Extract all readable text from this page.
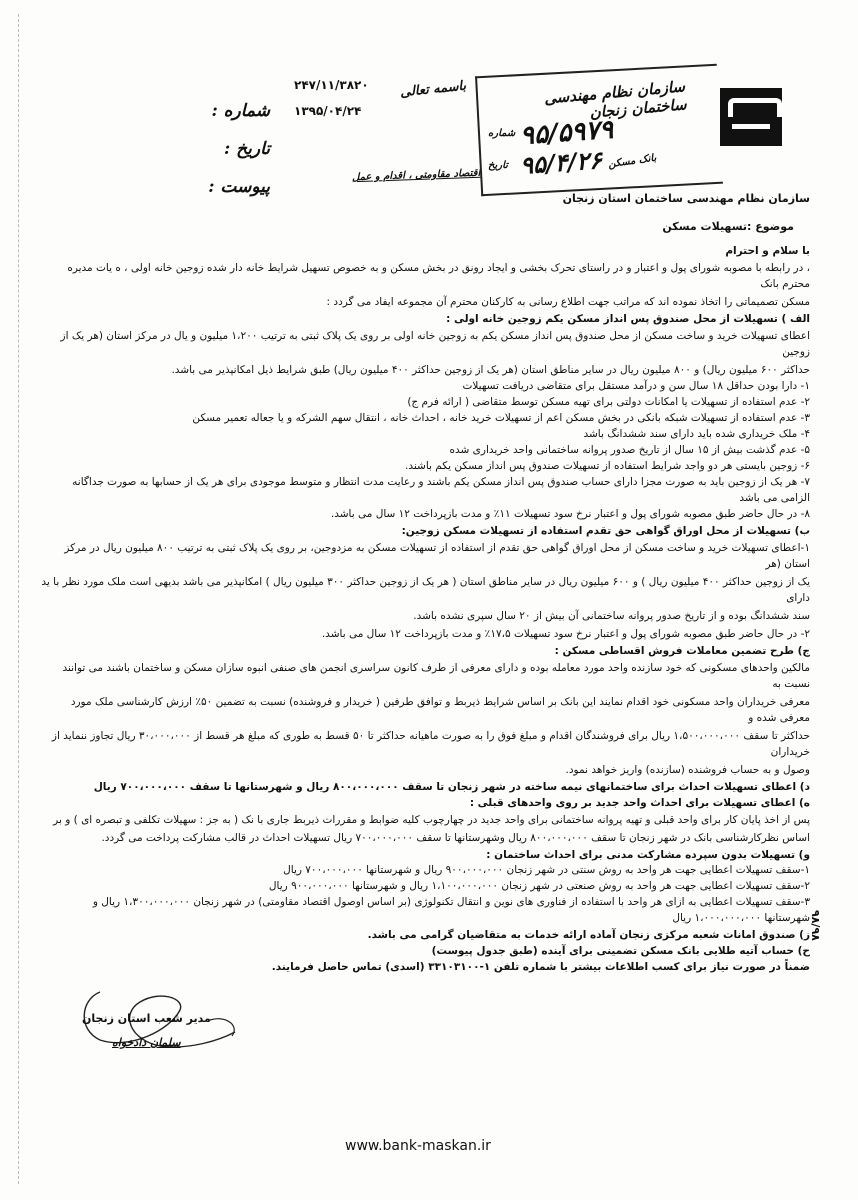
۲۴۷/۱۱/۳۸۲۰
۱۳۹۵/۰۴/۲۴
شماره :
تاریخ :
پیوست :
باسمه تعالی
اقتصاد مقاومتی ، اقدام و عمل
سازمان نظام مهندسی ساختمان زنجان
شماره ۹۵/۵۹۷۹
تاریخ ۹۵/۴/۲۶ بانک مسکن

سازمان نظام مهندسی ساختمان استان زنجان

موضوع :تسهیلات مسکن

با سلام و احترام

، در رابطه با مصوبه شورای پول و اعتبار و در راستای تحرک بخشی و ایجاد رونق در بخش مسکن و به خصوص تسهیل شرایط خانه دار شده زوجین خانه اولی ، ه یات مدیره محترم بانک

مسکن تصمیماتی را اتخاذ نموده اند که مراتب جهت اطلاع رسانی به کارکنان محترم آن مجموعه ایفاد می گردد :

الف ) تسهیلات از محل صندوق پس انداز مسکن یکم زوجین خانه اولی :

اعطای تسهیلات خرید و ساخت مسکن از محل صندوق پس انداز مسکن یکم به زوجین خانه اولی بر روی یک پلاک ثبتی به ترتیب ۱،۲۰۰ میلیون و یال در مرکز استان (هر یک از زوجین

حداکثر ۶۰۰ میلیون ریال) و ۸۰۰ میلیون ریال در سایر مناطق استان (هر یک از زوجین حداکثر ۴۰۰ میلیون ریال) طبق شرایط ذیل امکانپذیر می باشد.

۱- دارا بودن حداقل ۱۸ سال سن و درآمد مستقل برای متقاضی دریافت تسهیلات

۲- عدم استفاده از تسهیلات یا امکانات دولتی برای تهیه مسکن توسط متقاضی ( ارائه فرم ج)

۳- عدم استفاده از تسهیلات شبکه بانکی در بخش مسکن اعم از تسهیلات خرید خانه ، احداث خانه ، انتقال سهم الشرکه و یا جعاله تعمیر مسکن

۴- ملک خریداری شده باید دارای سند ششدانگ باشد

۵- عدم گذشت بیش از ۱۵ سال از تاریخ صدور پروانه ساختمانی واحد خریداری شده

۶- زوجین بایستی هر دو واجد شرایط استفاده از تسهیلات صندوق پس انداز مسکن یکم باشند.

۷- هر یک از زوجین باید به صورت مجزا دارای حساب صندوق پس انداز مسکن یکم باشند و رعایت مدت انتظار و متوسط موجودی برای هر یک از حسابها به صورت جداگانه الزامی می باشد

۸- در حال حاضر طبق مصوبه شورای پول و اعتبار نرخ سود تسهیلات ۱۱٪ و مدت بازپرداخت ۱۲ سال می باشد.

ب) تسهیلات از محل اوراق گواهی حق تقدم استفاده از تسهیلات مسکن زوجین:

۱-اعطای تسهیلات خرید و ساخت مسکن از محل اوراق گواهی حق تقدم از استفاده از تسهیلات مسکن به مزدوجین، بر روی یک پلاک ثبتی به ترتیب ۸۰۰ میلیون ریال در مرکز استان (هر

یک از زوجین حداکثر ۴۰۰ میلیون ریال ) و ۶۰۰ میلیون ریال در سایر مناطق استان ( هر یک از زوجین حداکثر ۳۰۰ میلیون ریال ) امکانپذیر می باشد بدیهی است ملک مورد نظر با ید دارای

سند ششدانگ بوده و از تاریخ صدور پروانه ساختمانی آن بیش از ۲۰ سال سپری نشده باشد.

۲- در حال حاضر طبق مصوبه شورای پول و اعتبار نرخ سود تسهیلات ۱۷،۵٪ و مدت بازپرداخت ۱۲ سال می باشد.

ج) طرح تضمین معاملات فروش اقساطی مسکن :

مالکین واحدهای مسکونی که خود سازنده واحد مورد معامله بوده و دارای معرفی از طرف کانون سراسری انجمن های صنفی انبوه سازان مسکن و ساختمان باشند می توانند نسبت به

معرفی خریداران واحد مسکونی خود اقدام نمایند این بانک بر اساس شرایط ذیربط و توافق طرفین ( خریدار و فروشنده) نسبت به تضمین ۵۰٪ ارزش کارشناسی ملک مورد معرفی شده و

حداکثر تا سقف ۱،۵۰۰،۰۰۰،۰۰۰ ریال برای فروشندگان اقدام و مبلغ فوق را به صورت ماهیانه حداکثر تا ۵۰ قسط به طوری که مبلغ هر قسط از ۳۰،۰۰۰،۰۰۰ ریال تجاوز ننماید از خریداران

وصول و به حساب فروشنده (سازنده) واریز خواهد نمود.

د) اعطای تسهیلات احداث برای ساختمانهای نیمه ساخته در شهر زنجان تا سقف ۸۰۰،۰۰۰،۰۰۰ ریال و شهرستانها تا سقف ۷۰۰،۰۰۰،۰۰۰ ریال

ه) اعطای تسهیلات برای احداث واحد جدید بر روی واحدهای قبلی :

پس از اخذ پایان کار برای واحد قبلی و تهیه پروانه ساختمانی برای واحد جدید در چهارچوب کلیه ضوابط و مقررات ذیربط جاری با نک ( به جز : سهیلات تکلفی و تبصره ای ) و بر

اساس نظرکارشناسی بانک در شهر زنجان تا سقف ۸۰۰،۰۰۰،۰۰۰ ریال وشهرستانها تا سقف ۷۰۰،۰۰۰،۰۰۰ ریال تسهیلات احداث در قالب مشارکت پرداخت می گردد.

و) تسهیلات بدون سپرده مشارکت مدنی برای احداث ساختمان :

۱-سقف تسهیلات اعطایی جهت هر واحد به روش سنتی در شهر زنجان ۹۰۰،۰۰۰،۰۰۰ ریال و شهرستانها ۷۰۰،۰۰۰،۰۰۰ ریال

۲-سقف تسهیلات اعطایی جهت هر واحد به روش صنعتی در شهر زنجان ۱،۱۰۰،۰۰۰،۰۰۰ ریال و شهرستانها ۹۰۰،۰۰۰،۰۰۰ ریال

۳-سقف تسهیلات اعطایی به ازای هر واحد با استفاده از فناوری های نوین و انتقال تکنولوژی (بر اساس اوصول اقتصاد مقاومتی) در شهر زنجان ۱،۳۰۰،۰۰۰،۰۰۰ ریال و

شهرستانها ۱،۰۰۰،۰۰۰،۰۰۰ ریال

ز) صندوق امانات شعبه مرکزی زنجان آماده ارائه خدمات به متقاضیان گرامی می باشد.

ح) حساب آتیه طلایی بانک مسکن تضمینی برای آینده (طبق جدول پیوست)

ضمناً در صورت نیاز برای کسب اطلاعات بیشتر با شماره تلفن ۱-۳۳۱۰۳۱۰۰ (اسدی) تماس حاصل فرمایند.

مدیر شعب استان زنجان
سلمان دادخواه
۹۸/۹۸
www.bank-maskan.ir
